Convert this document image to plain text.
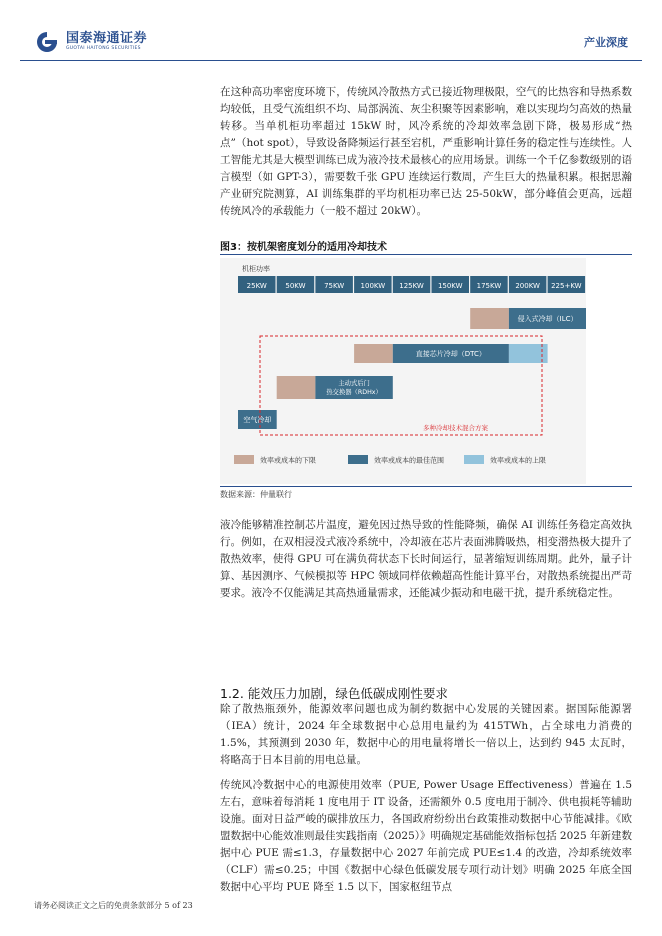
国泰海通证券
GUOTAI HAITONG SECURITIES	产业深度

在这种高功率密度环境下，传统风冷散热方式已接近物理极限，空气的比热容和导热系数均较低，且受气流组织不均、局部涡流、灰尘积聚等因素影响，难以实现均匀高效的热量转移。当单机柜功率超过 15kW 时，风冷系统的冷却效率急剧下降，极易形成“热点”（hot spot），导致设备降频运行甚至宕机，严重影响计算任务的稳定性与连续性。人工智能尤其是大模型训练已成为液冷技术最核心的应用场景。训练一个千亿参数级别的语言模型（如 GPT-3），需要数千张 GPU 连续运行数周，产生巨大的热量积累。根据思瀚产业研究院测算，AI 训练集群的平均机柜功率已达 25-50kW，部分峰值会更高，远超传统风冷的承载能力（一般不超过 20kW）。

图3：按机架密度划分的适用冷却技术
机柜功率
25KW	50KW	75KW 100KW 125KW 150KW 175KW 200KW 225+KW
侵入式冷却（ILC）
直接芯片冷却（DTC）
主动式后门
热交换器（RDHx）
空气冷却
多种冷却技术混合方案
效率或成本的下限	效率或成本的最佳范围	效率或成本的上限
数据来源：仲量联行

液冷能够精准控制芯片温度，避免因过热导致的性能降频，确保 AI 训练任务稳定高效执行。例如，在双相浸没式液冷系统中，冷却液在芯片表面沸腾吸热，相变潜热极大提升了散热效率，使得 GPU 可在满负荷状态下长时间运行，显著缩短训练周期。此外，量子计算、基因测序、气候模拟等 HPC 领域同样依赖超高性能计算平台，对散热系统提出严苛要求。液冷不仅能满足其高热通量需求，还能减少振动和电磁干扰，提升系统稳定性。

1.2. 能效压力加剧，绿色低碳成刚性要求

除了散热瓶颈外，能源效率问题也成为制约数据中心发展的关键因素。据国际能源署（IEA）统计，2024 年全球数据中心总用电量约为 415TWh，占全球电力消费的 1.5%，其预测到 2030 年，数据中心的用电量将增长一倍以上，达到约 945 太瓦时，将略高于日本目前的用电总量。

传统风冷数据中心的电源使用效率（PUE, Power Usage Effectiveness）普遍在 1.5 左右，意味着每消耗 1 度电用于 IT 设备，还需额外 0.5 度电用于制冷、供电损耗等辅助设施。面对日益严峻的碳排放压力，各国政府纷纷出台政策推动数据中心节能减排。《欧盟数据中心能效准则最佳实践指南（2025）》明确规定基础能效指标包括 2025 年新建数据中心 PUE 需≤1.3，存量数据中心 2027 年前完成 PUE≤1.4 的改造，冷却系统效率（CLF）需≤0.25；中国《数据中心绿色低碳发展专项行动计划》明确 2025 年底全国数据中心平均 PUE 降至 1.5 以下，国家枢纽节点

请务必阅读正文之后的免责条款部分 5 of 23
